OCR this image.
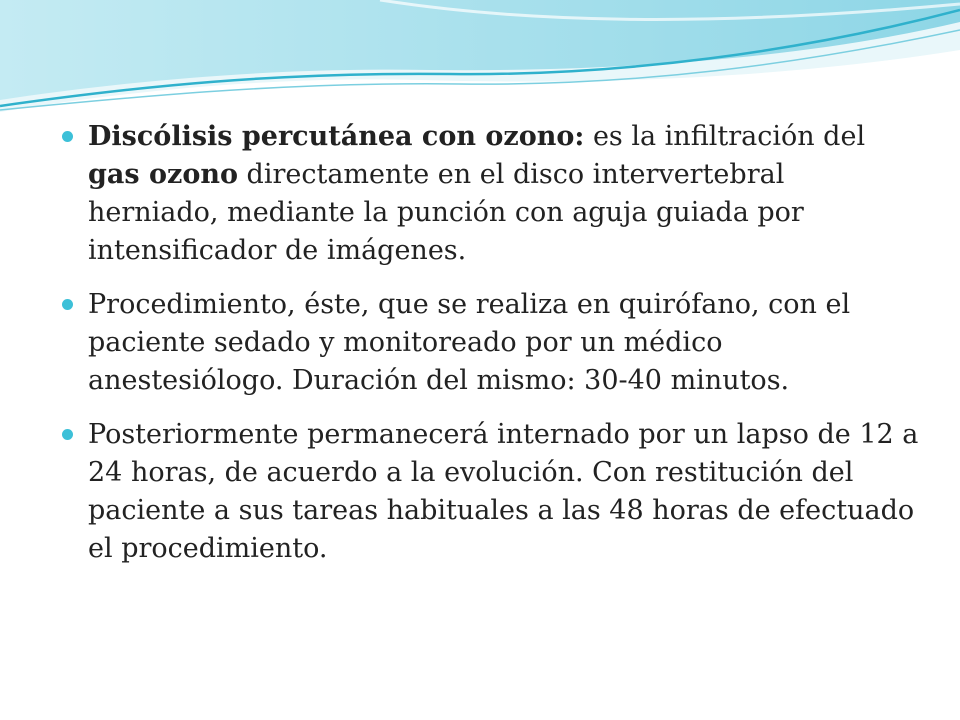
Discólisis percutánea con ozono: es la infiltración del gas ozono directamente en el disco intervertebral herniado, mediante la punción con aguja guiada por intensificador de imágenes.
Procedimiento, éste, que se realiza en quirófano, con el paciente sedado y monitoreado por un médico anestesiólogo. Duración del mismo: 30-40 minutos.
Posteriormente permanecerá internado por un lapso de 12 a 24 horas, de acuerdo a la evolución. Con restitución del paciente a sus tareas habituales a las 48 horas de efectuado el procedimiento.
